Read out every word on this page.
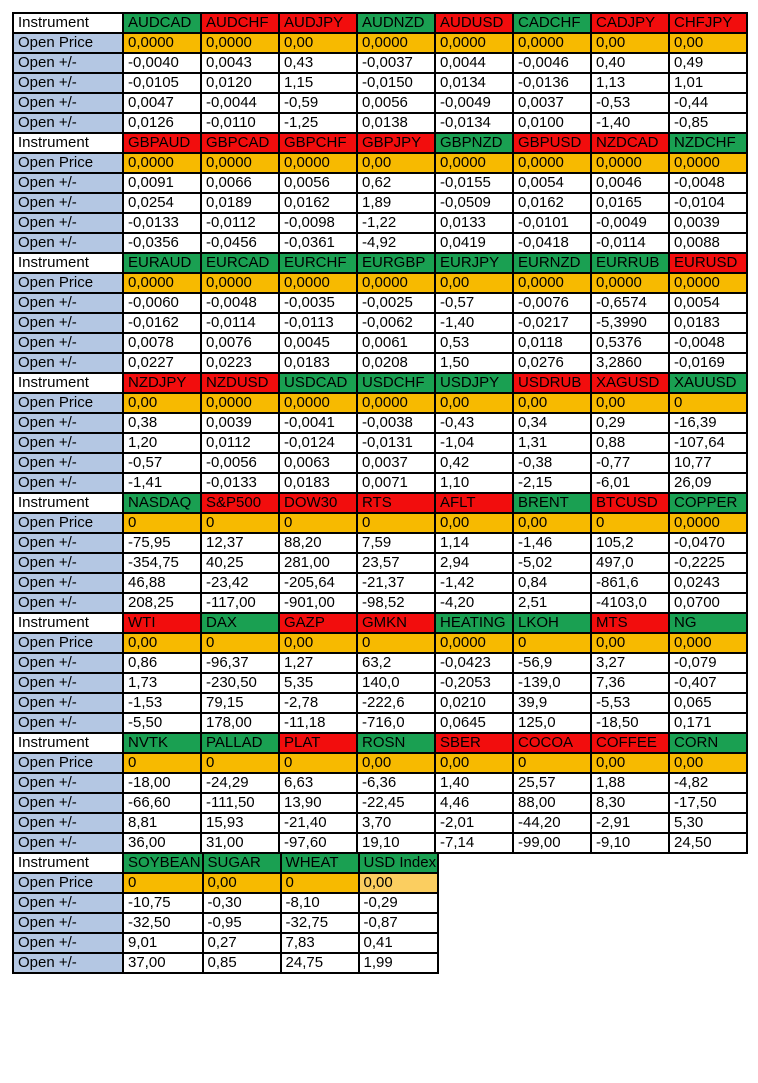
Instrument	AUDCAD	AUDCHF	AUDJPY	AUDNZD	AUDUSD	CADCHF	CADJPY	CHFJPY
Open Price	0,0000	0,0000	0,00	0,0000	0,0000	0,0000	0,00	0,00
Open +/-	-0,0040	0,0043	0,43	-0,0037	0,0044	-0,0046	0,40	0,49
Open +/-	-0,0105	0,0120	1,15	-0,0150	0,0134	-0,0136	1,13	1,01
Open +/-	0,0047	-0,0044	-0,59	0,0056	-0,0049	0,0037	-0,53	-0,44
Open +/-	0,0126	-0,0110	-1,25	0,0138	-0,0134	0,0100	-1,40	-0,85
Instrument	GBPAUD	GBPCAD	GBPCHF	GBPJPY	GBPNZD	GBPUSD	NZDCAD	NZDCHF
Open Price	0,0000	0,0000	0,0000	0,00	0,0000	0,0000	0,0000	0,0000
Open +/-	0,0091	0,0066	0,0056	0,62	-0,0155	0,0054	0,0046	-0,0048
Open +/-	0,0254	0,0189	0,0162	1,89	-0,0509	0,0162	0,0165	-0,0104
Open +/-	-0,0133	-0,0112	-0,0098	-1,22	0,0133	-0,0101	-0,0049	0,0039
Open +/-	-0,0356	-0,0456	-0,0361	-4,92	0,0419	-0,0418	-0,0114	0,0088
Instrument	EURAUD	EURCAD	EURCHF	EURGBP	EURJPY	EURNZD	EURRUB	EURUSD
Open Price	0,0000	0,0000	0,0000	0,0000	0,00	0,0000	0,0000	0,0000
Open +/-	-0,0060	-0,0048	-0,0035	-0,0025	-0,57	-0,0076	-0,6574	0,0054
Open +/-	-0,0162	-0,0114	-0,0113	-0,0062	-1,40	-0,0217	-5,3990	0,0183
Open +/-	0,0078	0,0076	0,0045	0,0061	0,53	0,0118	0,5376	-0,0048
Open +/-	0,0227	0,0223	0,0183	0,0208	1,50	0,0276	3,2860	-0,0169
Instrument	NZDJPY	NZDUSD	USDCAD	USDCHF	USDJPY	USDRUB	XAGUSD	XAUUSD
Open Price	0,00	0,0000	0,0000	0,0000	0,00	0,00	0,00	0
Open +/-	0,38	0,0039	-0,0041	-0,0038	-0,43	0,34	0,29	-16,39
Open +/-	1,20	0,0112	-0,0124	-0,0131	-1,04	1,31	0,88	-107,64
Open +/-	-0,57	-0,0056	0,0063	0,0037	0,42	-0,38	-0,77	10,77
Open +/-	-1,41	-0,0133	0,0183	0,0071	1,10	-2,15	-6,01	26,09
Instrument	NASDAQ	S&P500	DOW30	RTS	AFLT	BRENT	BTCUSD	COPPER
Open Price	0	0	0	0	0,00	0,00	0	0,0000
Open +/-	-75,95	12,37	88,20	7,59	1,14	-1,46	105,2	-0,0470
Open +/-	-354,75	40,25	281,00	23,57	2,94	-5,02	497,0	-0,2225
Open +/-	46,88	-23,42	-205,64	-21,37	-1,42	0,84	-861,6	0,0243
Open +/-	208,25	-117,00	-901,00	-98,52	-4,20	2,51	-4103,0	0,0700
Instrument	WTI	DAX	GAZP	GMKN	HEATING	LKOH	MTS	NG
Open Price	0,00	0	0,00	0	0,0000	0	0,00	0,000
Open +/-	0,86	-96,37	1,27	63,2	-0,0423	-56,9	3,27	-0,079
Open +/-	1,73	-230,50	5,35	140,0	-0,2053	-139,0	7,36	-0,407
Open +/-	-1,53	79,15	-2,78	-222,6	0,0210	39,9	-5,53	0,065
Open +/-	-5,50	178,00	-11,18	-716,0	0,0645	125,0	-18,50	0,171
Instrument	NVTK	PALLAD	PLAT	ROSN	SBER	COCOA	COFFEE	CORN
Open Price	0	0	0	0,00	0,00	0	0,00	0,00
Open +/-	-18,00	-24,29	6,63	-6,36	1,40	25,57	1,88	-4,82
Open +/-	-66,60	-111,50	13,90	-22,45	4,46	88,00	8,30	-17,50
Open +/-	8,81	15,93	-21,40	3,70	-2,01	-44,20	-2,91	5,30
Open +/-	36,00	31,00	-97,60	19,10	-7,14	-99,00	-9,10	24,50
Instrument	SOYBEAN	SUGAR	WHEAT	USD Index
Open Price	0	0,00	0	0,00
Open +/-	-10,75	-0,30	-8,10	-0,29
Open +/-	-32,50	-0,95	-32,75	-0,87
Open +/-	9,01	0,27	7,83	0,41
Open +/-	37,00	0,85	24,75	1,99
